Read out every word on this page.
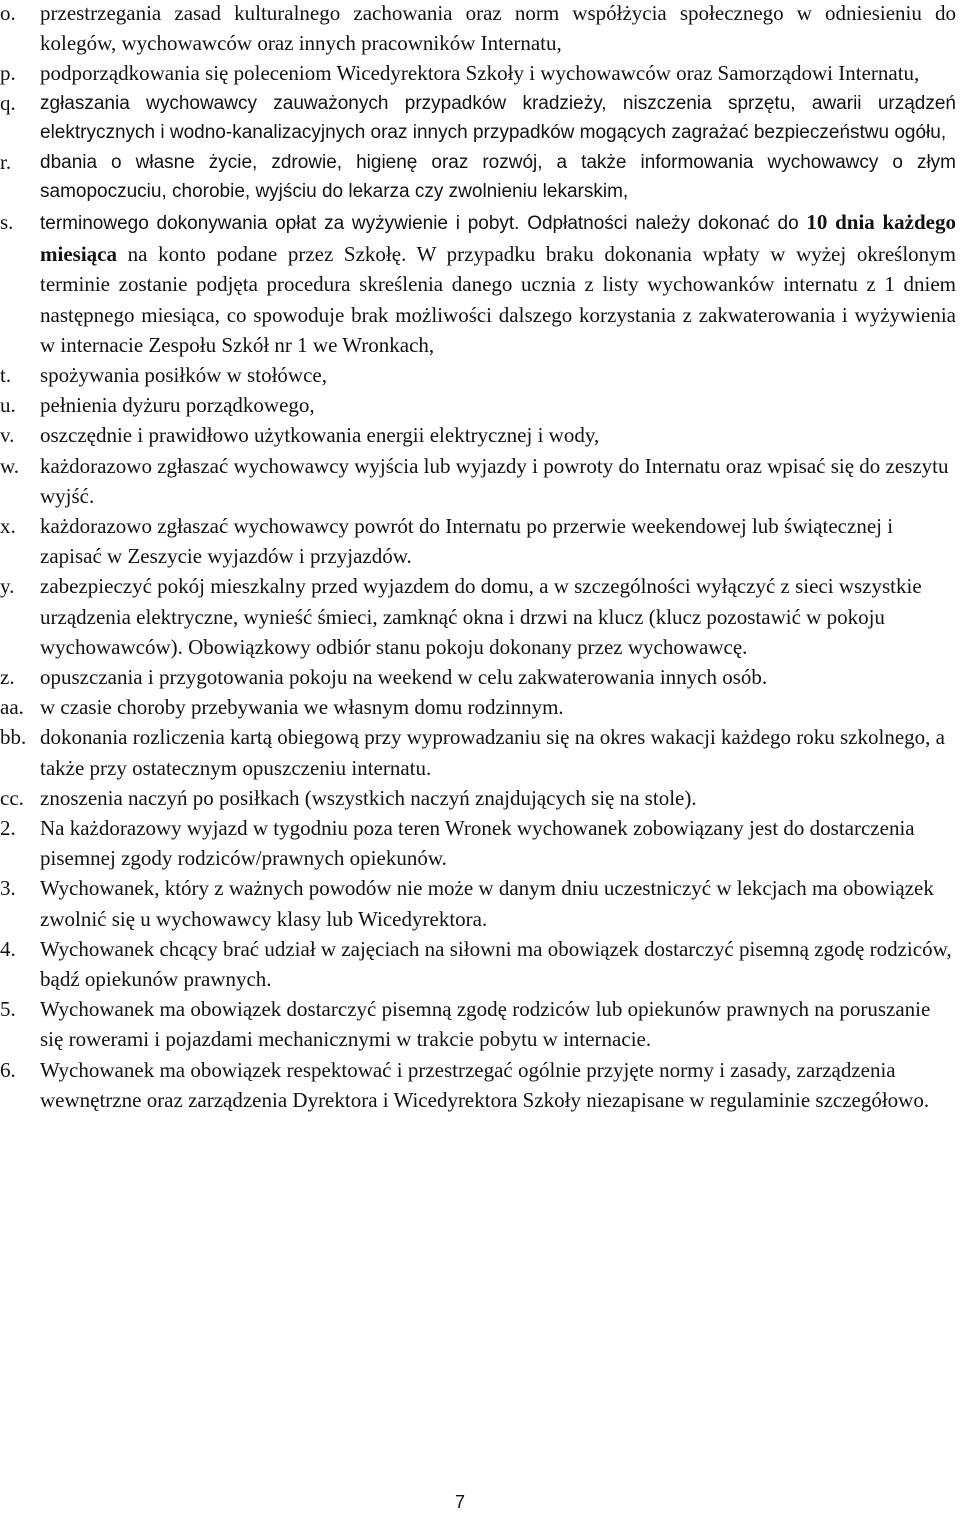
o. przestrzegania zasad kulturalnego zachowania oraz norm współżycia społecznego w odniesieniu do kolegów, wychowawców oraz innych pracowników Internatu,
p. podporządkowania się poleceniom Wicedyrektora Szkoły i wychowawców oraz Samorządowi Internatu,
q. zgłaszania wychowawcy zauważonych przypadków kradzieży, niszczenia sprzętu, awarii urządzeń elektrycznych i wodno-kanalizacyjnych oraz innych przypadków mogących zagrażać bezpieczeństwu ogółu,
r. dbania o własne życie, zdrowie, higienę oraz rozwój, a także informowania wychowawcy o złym samopoczuciu, chorobie, wyjściu do lekarza czy zwolnieniu lekarskim,
s. terminowego dokonywania opłat za wyżywienie i pobyt. Odpłatności należy dokonać do 10 dnia każdego miesiąca na konto podane przez Szkołę. W przypadku braku dokonania wpłaty w wyżej określonym terminie zostanie podjęta procedura skreślenia danego ucznia z listy wychowanków internatu z 1 dniem następnego miesiąca, co spowoduje brak możliwości dalszego korzystania z zakwaterowania i wyżywienia w internacie Zespołu Szkół nr 1 we Wronkach,
t. spożywania posiłków w stołówce,
u. pełnienia dyżuru porządkowego,
v. oszczędnie i prawidłowo użytkowania energii elektrycznej i wody,
w. każdorazowo zgłaszać wychowawcy wyjścia lub wyjazdy i powroty do Internatu oraz wpisać się do zeszytu wyjść.
x. każdorazowo zgłaszać wychowawcy powrót do Internatu po przerwie weekendowej lub świątecznej i zapisać w Zeszycie wyjazdów i przyjazdów.
y. zabezpieczyć pokój mieszkalny przed wyjazdem do domu, a w szczególności wyłączyć z sieci wszystkie urządzenia elektryczne, wynieść śmieci, zamknąć okna i drzwi na klucz (klucz pozostawić w pokoju wychowawców). Obowiązkowy odbiór stanu pokoju dokonany przez wychowawcę.
z. opuszczania i przygotowania pokoju na weekend w celu zakwaterowania innych osób.
aa. w czasie choroby przebywania we własnym domu rodzinnym.
bb. dokonania rozliczenia kartą obiegową przy wyprowadzaniu się na okres wakacji każdego roku szkolnego, a także przy ostatecznym opuszczeniu internatu.
cc. znoszenia naczyń po posiłkach (wszystkich naczyń znajdujących się na stole).
2. Na każdorazowy wyjazd w tygodniu poza teren Wronek wychowanek zobowiązany jest do dostarczenia pisemnej zgody rodziców/prawnych opiekunów.
3. Wychowanek, który z ważnych powodów nie może w danym dniu uczestniczyć w lekcjach ma obowiązek zwolnić się u wychowawcy klasy lub Wicedyrektora.
4. Wychowanek chcący brać udział w zajęciach na siłowni ma obowiązek dostarczyć pisemną zgodę rodziców, bądź opiekunów prawnych.
5. Wychowanek ma obowiązek dostarczyć pisemną zgodę rodziców lub opiekunów prawnych na poruszanie się rowerami i pojazdami mechanicznymi w trakcie pobytu w internacie.
6. Wychowanek ma obowiązek respektować i przestrzegać ogólnie przyjęte normy i zasady, zarządzenia wewnętrzne oraz zarządzenia Dyrektora i Wicedyrektora Szkoły niezapisane w regulaminie szczegółowo.
7
